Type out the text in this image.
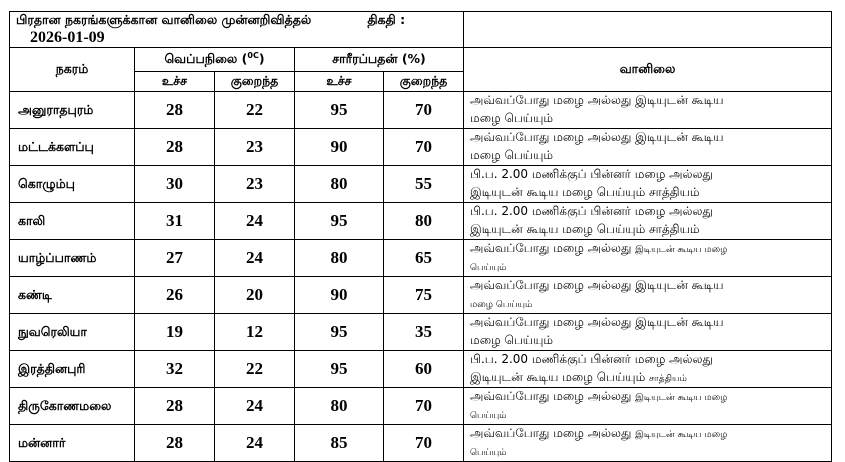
பிரதான நகரங்களுக்கான வானிலை முன்னறிவித்தல் திகதி :2026-01-09					
நகரம்	வெப்பநிலை ($^{0C}$)		சாரீரப்பதன் (%)		வானிலை
	உச்ச	குறைந்த	உச்ச	குறைந்த	
அனுராதபுரம்	28	22	95	70	அவ்வப்போது மழை அல்லது இடியுடன் கூடிய
மழை பெய்யும்

மட்டக்களப்பு	28	23	90	70	அவ்வப்போது மழை அல்லது இடியுடன் கூடிய
மழை பெய்யும்

கொழும்பு	30	23	80	55	பி.ப. 2.00 மணிக்குப் பின்னர் மழை அல்லது
இடியுடன் கூடிய மழை பெய்யும் சாத்தியம்

காலி	31	24	95	80	பி.ப. 2.00 மணிக்குப் பின்னர் மழை அல்லது
இடியுடன் கூடிய மழை பெய்யும் சாத்தியம்

யாழ்ப்பாணம்	27	24	80	65	அவ்வப்போது மழை அல்லது இடியுடன் கூடிய மழை
பெய்யும்

கண்டி	26	20	90	75	அவ்வப்போது மழை அல்லது இடியுடன் கூடிய
மழை பெய்யும்

நுவரெலியா	19	12	95	35	அவ்வப்போது மழை அல்லது இடியுடன் கூடிய
மழை பெய்யும்

இரத்தினபுரி	32	22	95	60	பி.ப. 2.00 மணிக்குப் பின்னர் மழை அல்லது
இடியுடன் கூடிய மழை பெய்யும் சாத்தியம்

திருகோணமலை	28	24	80	70	அவ்வப்போது மழை அல்லது இடியுடன் கூடிய மழை
பெய்யும்

மன்னார்	28	24	85	70	அவ்வப்போது மழை அல்லது இடியுடன் கூடிய மழை
பெய்யும்
